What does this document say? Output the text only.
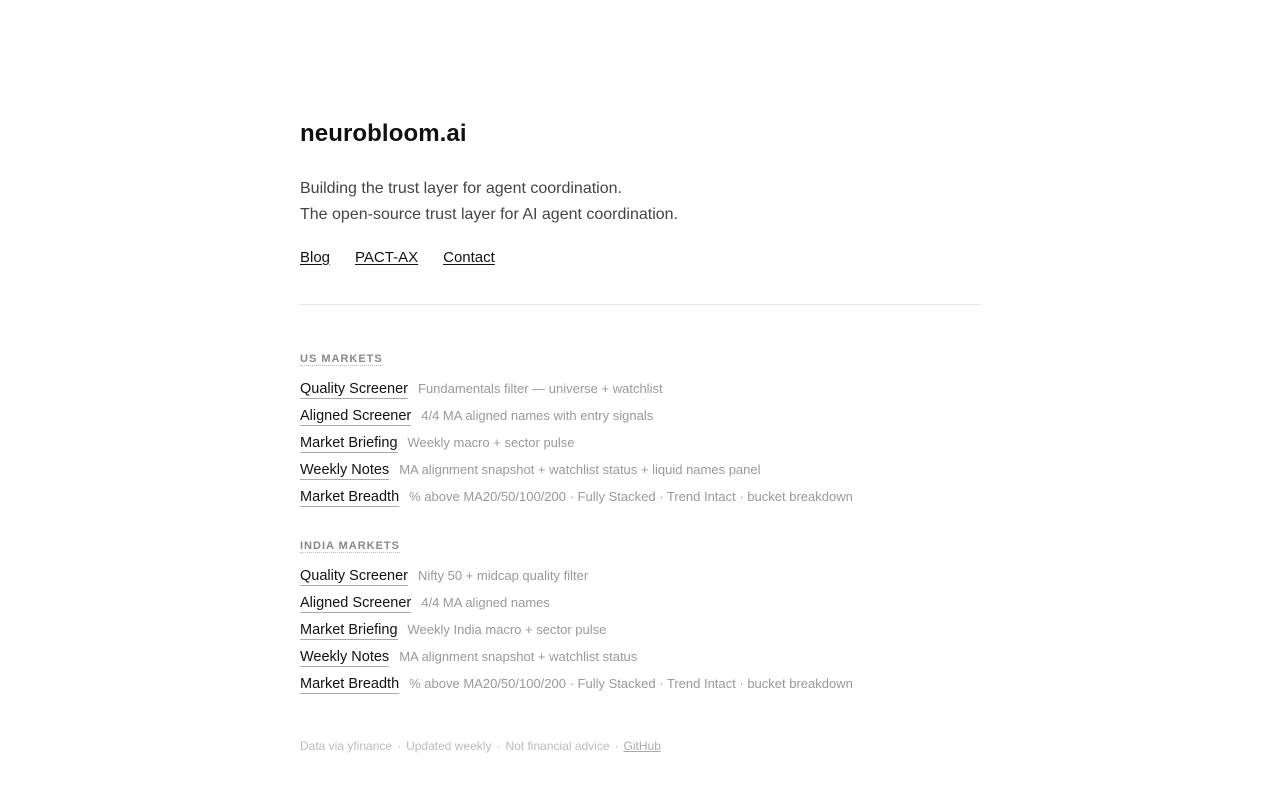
neurobloom.ai
Building the trust layer for agent coordination.
The open-source trust layer for AI agent coordination.
Blog PACT-AX Contact
US MARKETS
Quality Screener Fundamentals filter — universe + watchlist
Aligned Screener 4/4 MA aligned names with entry signals
Market Briefing Weekly macro + sector pulse
Weekly Notes MA alignment snapshot + watchlist status + liquid names panel
Market Breadth % above MA20/50/100/200 · Fully Stacked · Trend Intact · bucket breakdown
INDIA MARKETS
Quality Screener Nifty 50 + midcap quality filter
Aligned Screener 4/4 MA aligned names
Market Briefing Weekly India macro + sector pulse
Weekly Notes MA alignment snapshot + watchlist status
Market Breadth % above MA20/50/100/200 · Fully Stacked · Trend Intact · bucket breakdown
Data via yfinance · Updated weekly · Not financial advice · GitHub
